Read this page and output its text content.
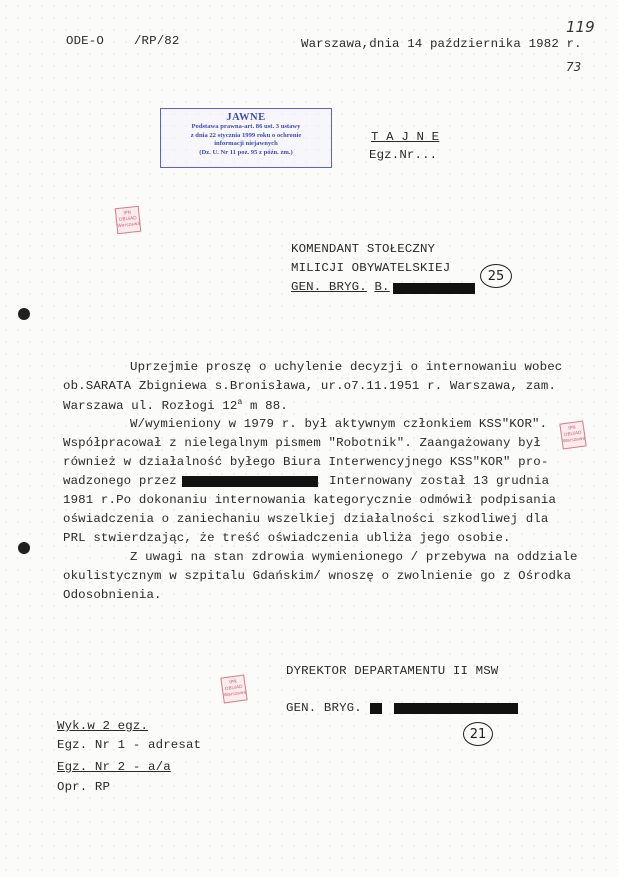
ODE-O /RP/82	Warszawa,dnia 14 października 1982 r.
119
73
JAWNE
Podstawa prawna-art. 86 ust. 3 ustawy
z dnia 22 stycznia 1999 roku o ochronie
informacji niejawnych
(Dz. U. Nr 11 poz. 95 z późn. zm.)
T A J N E
Egz.Nr...
IPN
DBUiAD
Warszawa
IPN
DBUiAD
Warszawa
IPN
DBUiAD
Warszawa
KOMENDANT STOŁECZNY
MILICJI OBYWATELSKIEJ
GEN. BRYG. B.
25
Uprzejmie proszę o uchylenie decyzji o internowaniu wobec
ob.SARATA Zbigniewa s.Bronisława, ur.o7.11.1951 r. Warszawa, zam.
Warszawa ul. Rozłogi 12$^a$ m 88.
W/wymieniony w 1979 r. był aktywnym członkiem KSS"KOR".
Współpracował z nielegalnym pismem "Robotnik". Zaangażowany był
również w działalność byłego Biura Interwencyjnego KSS"KOR" pro-
wadzonego przez	. Internowany został 13 grudnia
1981 r.Po dokonaniu internowania kategorycznie odmówił podpisania
oświadczenia o zaniechaniu wszelkiej działalności szkodliwej dla
PRL stwierdzając, że treść oświadczenia ubliża jego osobie.
Z uwagi na stan zdrowia wymienionego / przebywa na oddziale
okulistycznym w szpitalu Gdańskim/ wnoszę o zwolnienie go z Ośrodka
Odosobnienia.
DYREKTOR DEPARTAMENTU II MSW
GEN. BRYG.
21
Wyk.w 2 egz.
Egz. Nr 1 - adresat
Egz. Nr 2 - a/a
Opr. RP
